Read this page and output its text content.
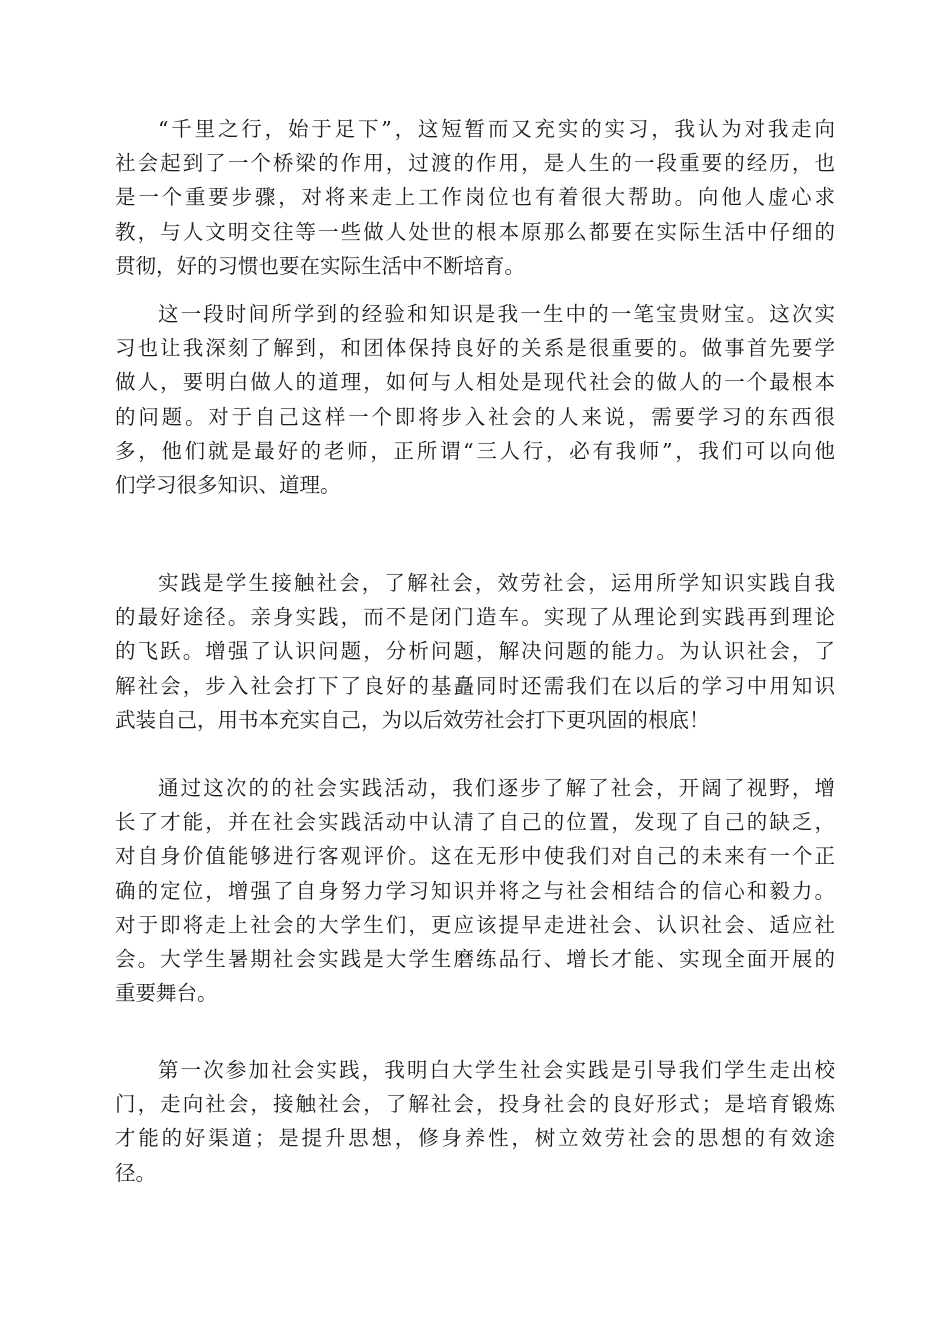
“千里之行，始于足下”，这短暂而又充实的实习，我认为对我走向
社会起到了一个桥梁的作用，过渡的作用，是人生的一段重要的经历，也
是一个重要步骤，对将来走上工作岗位也有着很大帮助。向他人虚心求
教，与人文明交往等一些做人处世的根本原那么都要在实际生活中仔细的
贯彻，好的习惯也要在实际生活中不断培育。
这一段时间所学到的经验和知识是我一生中的一笔宝贵财宝。这次实
习也让我深刻了解到，和团体保持良好的关系是很重要的。做事首先要学
做人，要明白做人的道理，如何与人相处是现代社会的做人的一个最根本
的问题。对于自己这样一个即将步入社会的人来说，需要学习的东西很
多，他们就是最好的老师，正所谓“三人行，必有我师”，我们可以向他
们学习很多知识、道理。
实践是学生接触社会，了解社会，效劳社会，运用所学知识实践自我
的最好途径。亲身实践，而不是闭门造车。实现了从理论到实践再到理论
的飞跃。增强了认识问题，分析问题，解决问题的能力。为认识社会，了
解社会，步入社会打下了良好的基矗同时还需我们在以后的学习中用知识
武装自己，用书本充实自己，为以后效劳社会打下更巩固的根底！
通过这次的的社会实践活动，我们逐步了解了社会，开阔了视野，增
长了才能，并在社会实践活动中认清了自己的位置，发现了自己的缺乏，
对自身价值能够进行客观评价。这在无形中使我们对自己的未来有一个正
确的定位，增强了自身努力学习知识并将之与社会相结合的信心和毅力。
对于即将走上社会的大学生们，更应该提早走进社会、认识社会、适应社
会。大学生暑期社会实践是大学生磨练品行、增长才能、实现全面开展的
重要舞台。
第一次参加社会实践，我明白大学生社会实践是引导我们学生走出校
门，走向社会，接触社会，了解社会，投身社会的良好形式；是培育锻炼
才能的好渠道；是提升思想，修身养性，树立效劳社会的思想的有效途
径。
